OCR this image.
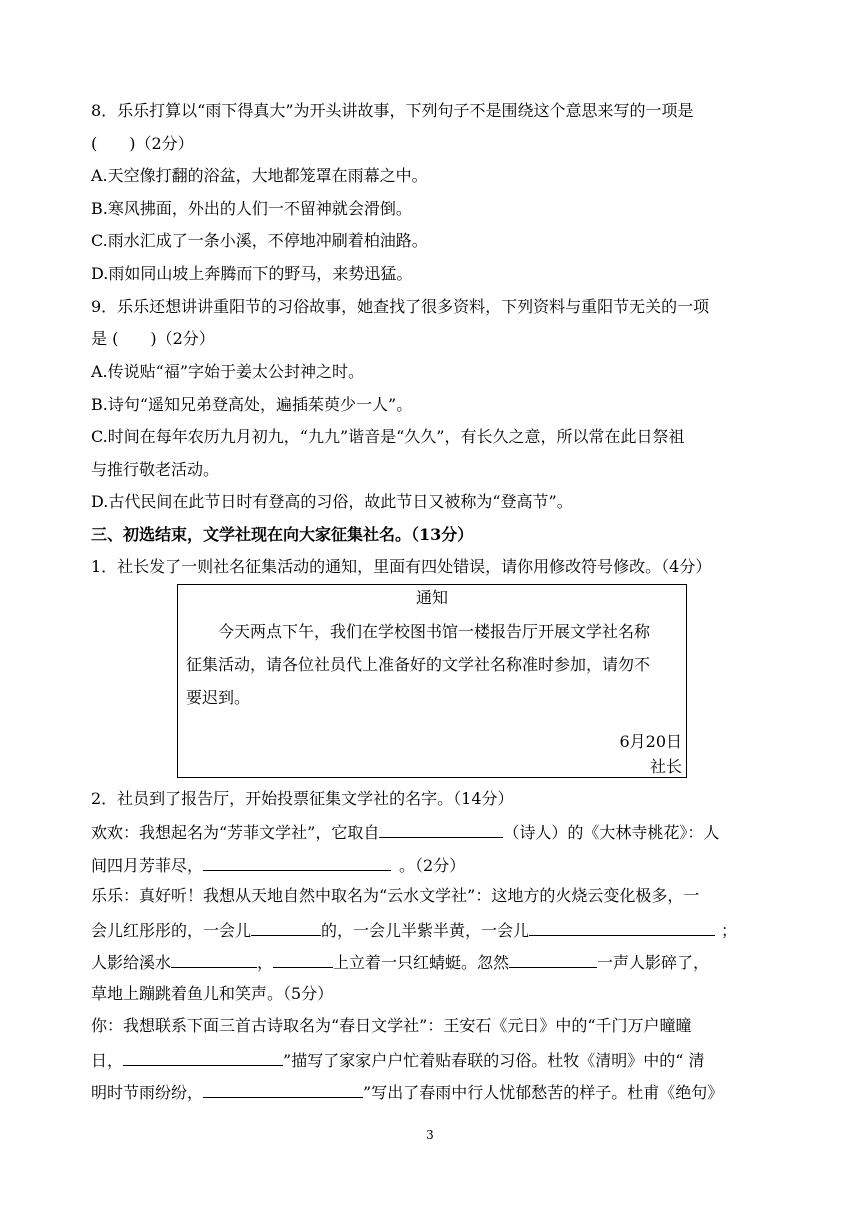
8．乐乐打算以“雨下得真大”为开头讲故事，下列句子不是围绕这个意思来写的一项是
(　　)（2分）
A.天空像打翻的浴盆，大地都笼罩在雨幕之中。
B.寒风拂面，外出的人们一不留神就会滑倒。
C.雨水汇成了一条小溪，不停地冲刷着柏油路。
D.雨如同山坡上奔腾而下的野马，来势迅猛。
9．乐乐还想讲讲重阳节的习俗故事，她查找了很多资料，下列资料与重阳节无关的一项
是 (　　)（2分）
A.传说贴“福”字始于姜太公封神之时。
B.诗句“遥知兄弟登高处，遍插茱萸少一人”。
C.时间在每年农历九月初九，“九九”谐音是“久久”，有长久之意，所以常在此日祭祖
与推行敬老活动。
D.古代民间在此节日时有登高的习俗，故此节日又被称为“登高节”。
三、初选结束，文学社现在向大家征集社名。（13分）
1．社长发了一则社名征集活动的通知，里面有四处错误，请你用修改符号修改。（4分）
通知
今天两点下午，我们在学校图书馆一楼报告厅开展文学社名称
征集活动，请各位社员代上准备好的文学社名称准时参加，请勿不
要迟到。
6月20日
社长
2．社员到了报告厅，开始投票征集文学社的名字。（14分）
欢欢：我想起名为“芳菲文学社”，它取自	（诗人）的《大林寺桃花》：人
间四月芳菲尽，	。（2分）
乐乐：真好听！我想从天地自然中取名为“云水文学社”：这地方的火烧云变化极多，一
会儿红彤彤的，一会儿	的，一会儿半紫半黄，一会儿	；
人影给溪水	，	上立着一只红蜻蜓。忽然	一声人影碎了，
草地上蹦跳着鱼儿和笑声。（5分）
你：我想联系下面三首古诗取名为“春日文学社”：王安石《元日》中的“千门万户曈曈
日，	”描写了家家户户忙着贴春联的习俗。杜牧《清明》中的“ 清
明时节雨纷纷，	”写出了春雨中行人忧郁愁苦的样子。杜甫《绝句》
3
